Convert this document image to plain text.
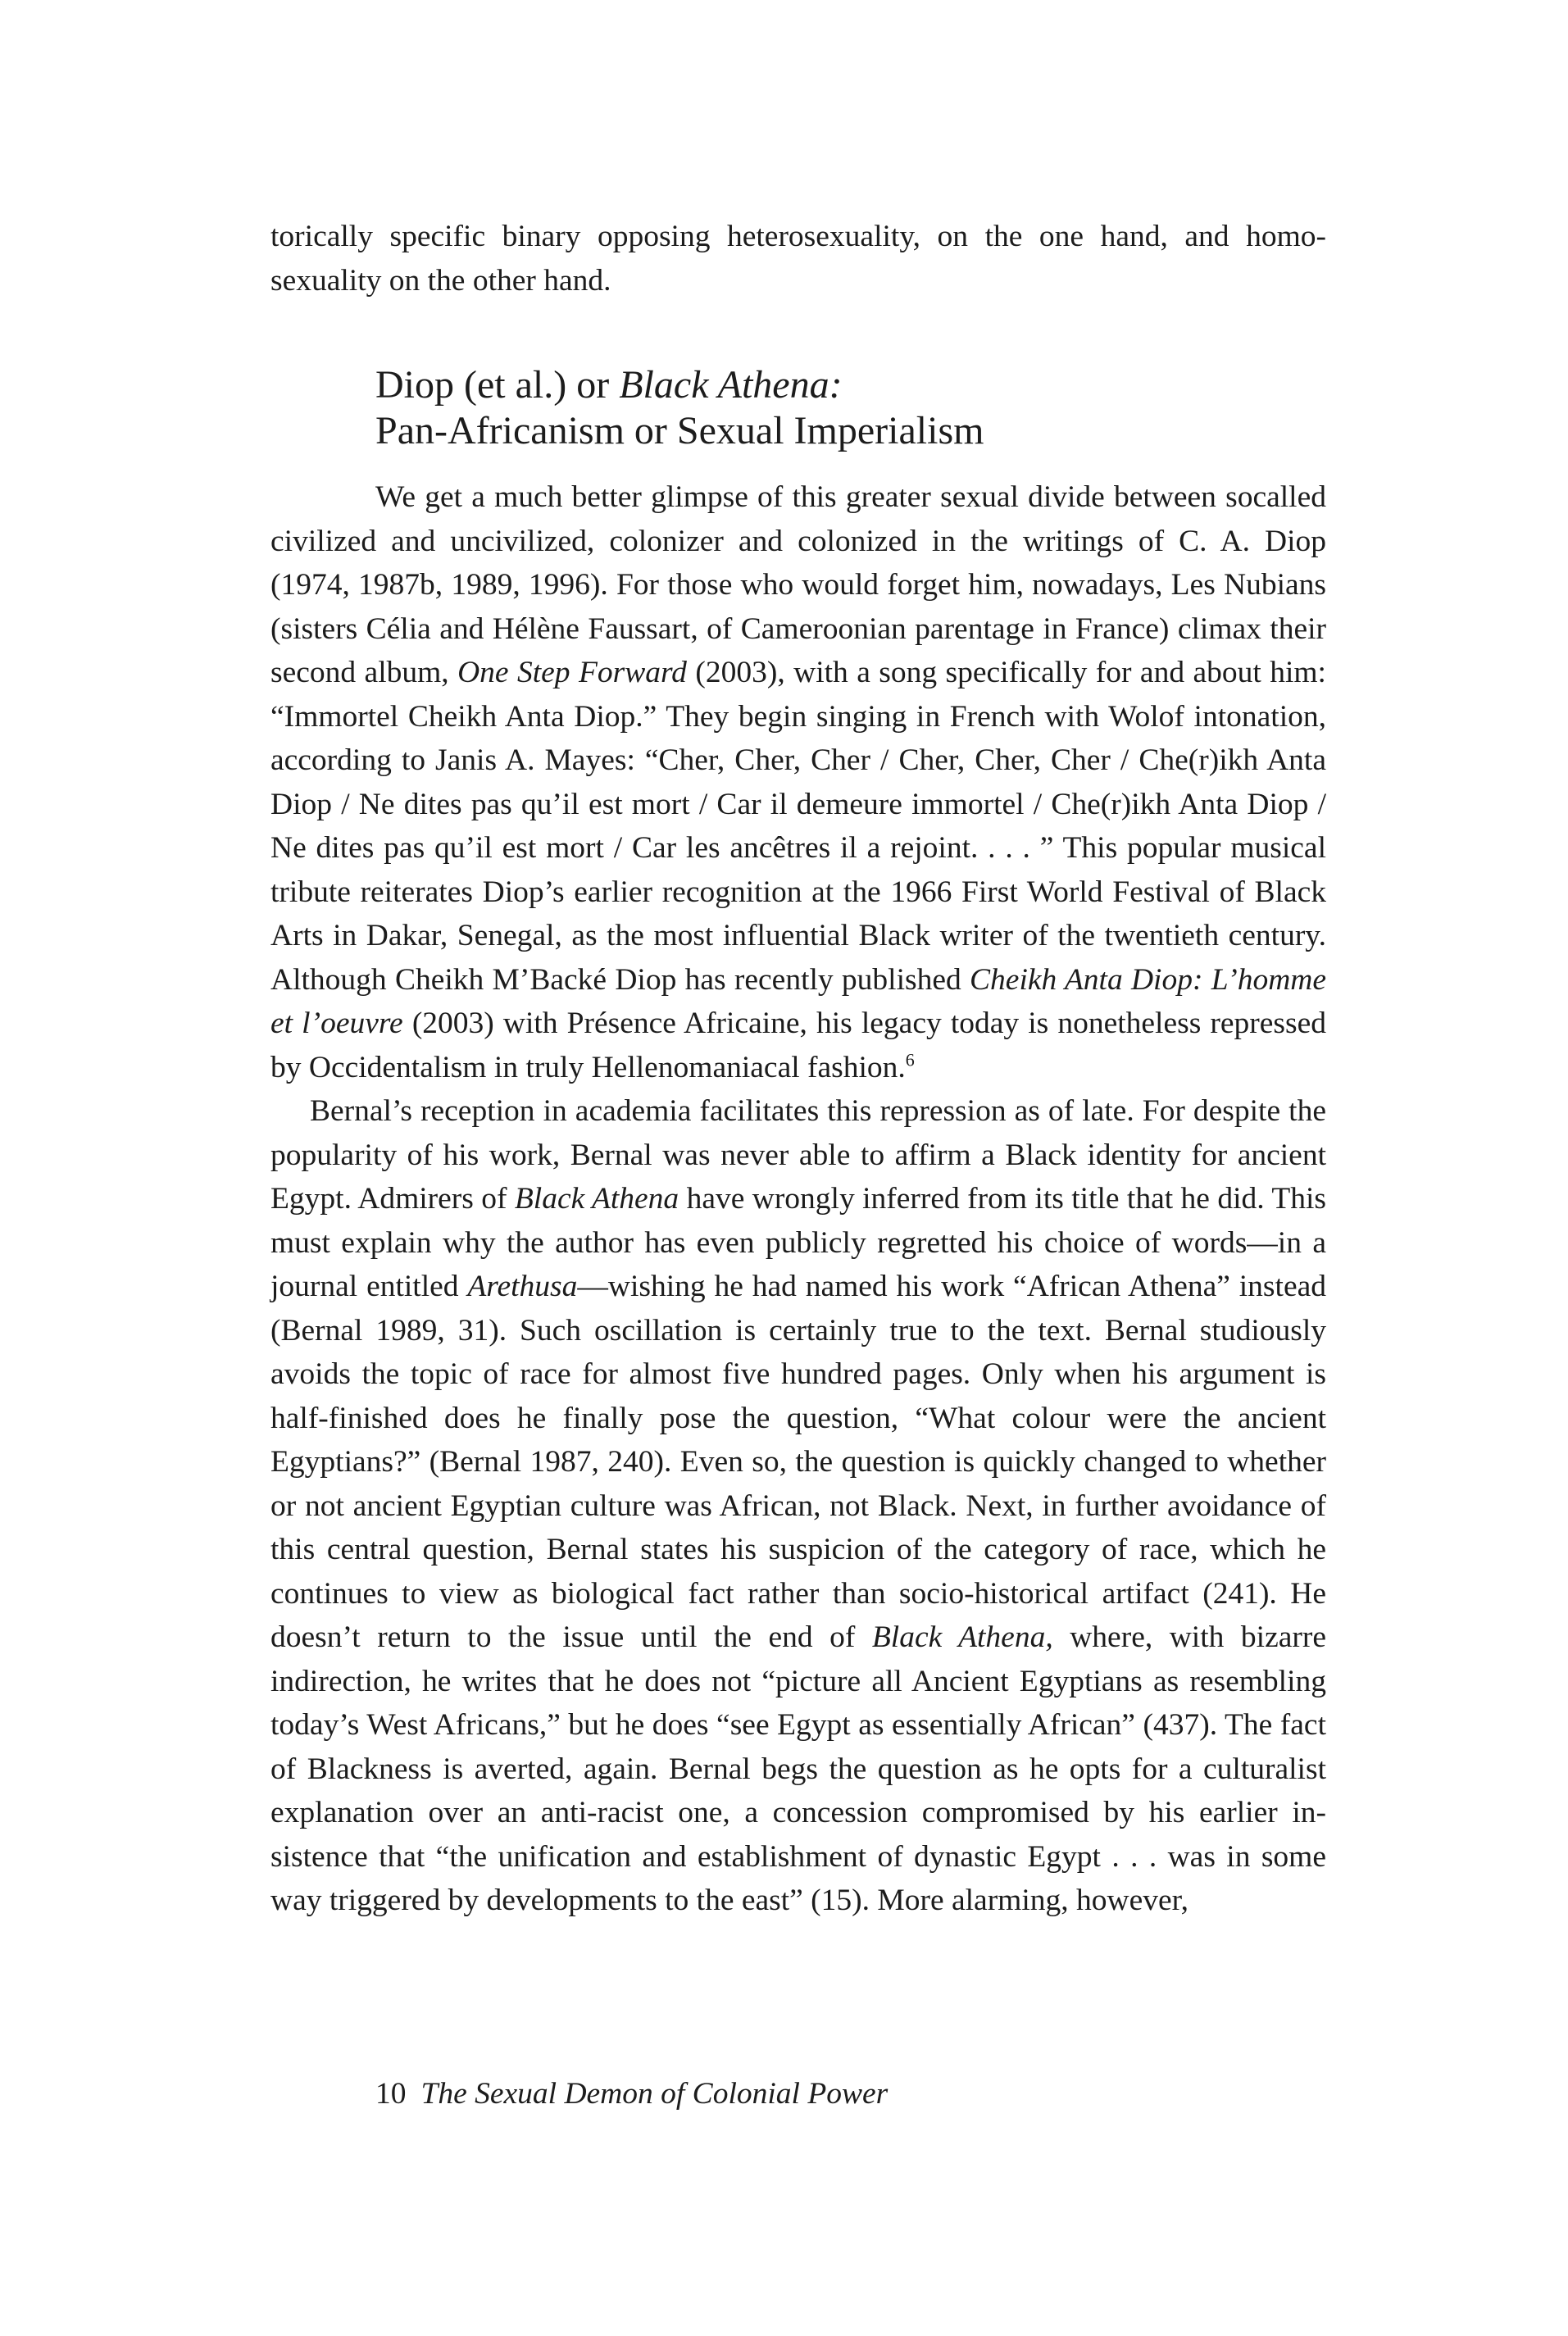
torically specific binary opposing heterosexuality, on the one hand, and homosexuality on the other hand.

Diop (et al.) or Black Athena:
Pan-Africanism or Sexual Imperialism

We get a much better glimpse of this greater sexual divide between socalled civilized and uncivilized, colonizer and colonized in the writings of C. A. Diop (1974, 1987b, 1989, 1996). For those who would forget him, nowadays, Les Nubians (sisters Célia and Hélène Faussart, of Cameroonian parentage in France) climax their second album, One Step Forward (2003), with a song specifically for and about him: “Immortel Cheikh Anta Diop.” They begin singing in French with Wolof intonation, according to Janis A. Mayes: “Cher, Cher, Cher / Cher, Cher, Cher / Che(r)ikh Anta Diop / Ne dites pas qu’il est mort / Car il demeure immortel / Che(r)ikh Anta Diop / Ne dites pas qu’il est mort / Car les ancêtres il a rejoint. . . . ” This popular musical tribute reiterates Diop’s earlier recognition at the 1966 First World Festival of Black Arts in Dakar, Senegal, as the most influential Black writer of the twentieth century. Although Cheikh M’Backé Diop has recently published Cheikh Anta Diop: L’homme et l’oeuvre (2003) with Présence Africaine, his legacy today is nonetheless repressed by Occidentalism in truly Hellenomaniacal fashion.$^6$

Bernal’s reception in academia facilitates this repression as of late. For despite the popularity of his work, Bernal was never able to affirm a Black identity for ancient Egypt. Admirers of Black Athena have wrongly inferred from its title that he did. This must explain why the author has even publicly regretted his choice of words—in a journal entitled Arethusa—wishing he had named his work “African Athena” instead (Bernal 1989, 31). Such oscillation is certainly true to the text. Bernal studiously avoids the topic of race for almost five hundred pages. Only when his argument is half-finished does he finally pose the question, “What colour were the ancient Egyptians?” (Bernal 1987, 240). Even so, the question is quickly changed to whether or not ancient Egyptian culture was African, not Black. Next, in further avoidance of this central question, Bernal states his suspicion of the category of race, which he continues to view as biological fact rather than socio-historical artifact (241). He doesn’t return to the issue until the end of Black Athena, where, with bizarre indirection, he writes that he does not “picture all Ancient Egyptians as resembling today’s West Africans,” but he does “see Egypt as essentially African” (437). The fact of Blackness is averted, again. Bernal begs the question as he opts for a culturalist explanation over an anti-racist one, a concession compromised by his earlier insistence that “the unification and establishment of dynastic Egypt . . . was in some way triggered by developments to the east” (15). More alarming, however,

10 The Sexual Demon of Colonial Power
